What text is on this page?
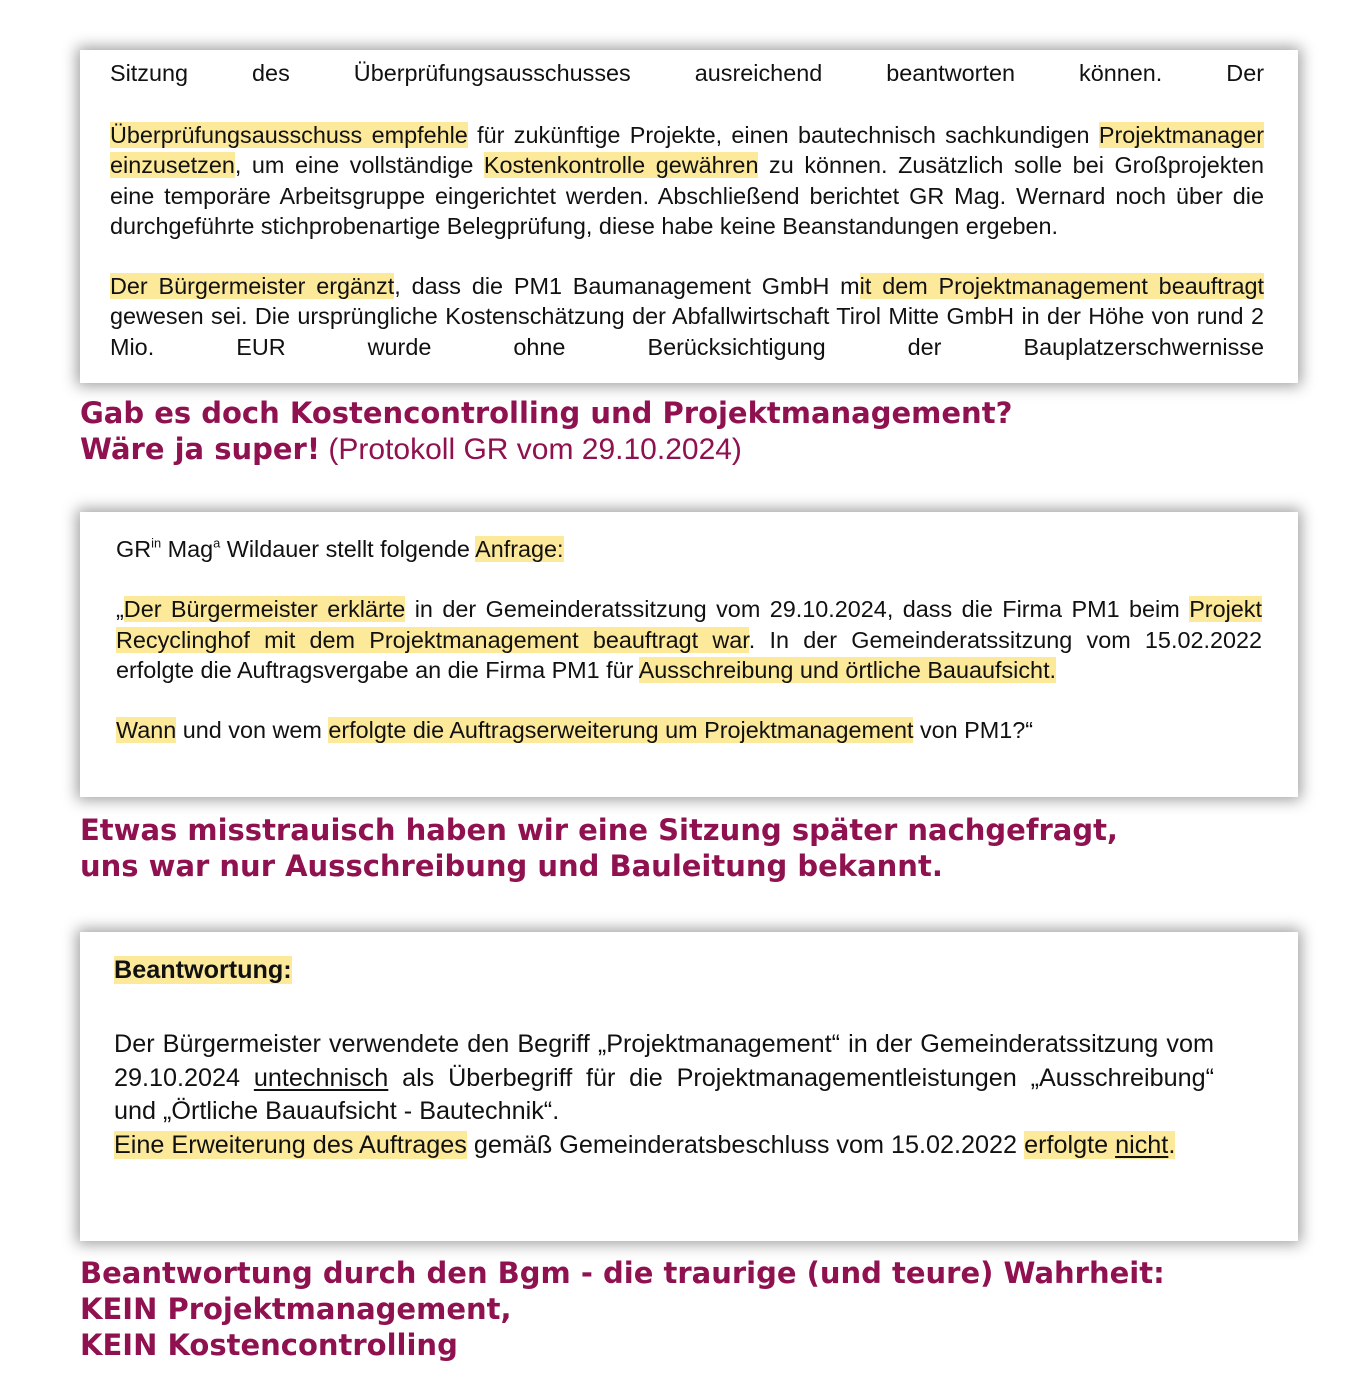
Sitzung des Überprüfungsausschusses ausreichend beantworten können. Der

Überprüfungsausschuss empfehle für zukünftige Projekte, einen bautechnisch sachkundigen Projektmanager einzusetzen, um eine vollständige Kostenkontrolle gewähren zu können. Zusätzlich solle bei Großprojekten eine temporäre Arbeitsgruppe eingerichtet werden. Abschließend berichtet GR Mag. Wernard noch über die durchgeführte stichprobenartige Belegprüfung, diese habe keine Beanstandungen ergeben.

Der Bürgermeister ergänzt, dass die PM1 Baumanagement GmbH mit dem Projektmanagement beauftragt gewesen sei. Die ursprüngliche Kostenschätzung der Abfallwirtschaft Tirol Mitte GmbH in der Höhe von rund 2 Mio. EUR wurde ohne Berücksichtigung der Bauplatzerschwernisse

Gab es doch Kostencontrolling und Projektmanagement?
Wäre ja super! (Protokoll GR vom 29.10.2024)

$GR^{in}$ Mag$^a$ Wildauer stellt folgende Anfrage:

„Der Bürgermeister erklärte in der Gemeinderatssitzung vom 29.10.2024, dass die Firma PM1 beim Projekt Recyclinghof mit dem Projektmanagement beauftragt war. In der Gemeinderatssitzung vom 15.02.2022 erfolgte die Auftragsvergabe an die Firma PM1 für Ausschreibung und örtliche Bauaufsicht.

Wann und von wem erfolgte die Auftragserweiterung um Projektmanagement von PM1?“

Etwas misstrauisch haben wir eine Sitzung später nachgefragt,
uns war nur Ausschreibung und Bauleitung bekannt.

Beantwortung:

Der Bürgermeister verwendete den Begriff „Projektmanagement“ in der Gemeinderatssitzung vom 29.10.2024 untechnisch als Überbegriff für die Projektmanagementleistungen „Ausschreibung“ und „Örtliche Bauaufsicht - Bautechnik“.

Eine Erweiterung des Auftrages gemäß Gemeinderatsbeschluss vom 15.02.2022 erfolgte nicht.

Beantwortung durch den Bgm - die traurige (und teure) Wahrheit:
KEIN Projektmanagement,
KEIN Kostencontrolling
